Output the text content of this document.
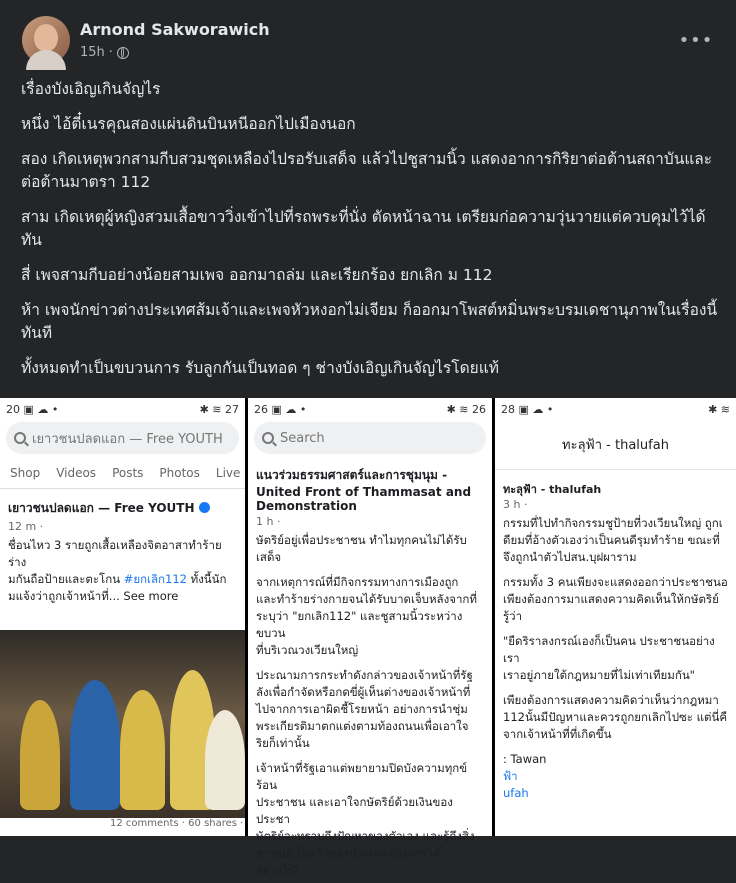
Arnond Sakworawich
15h ·
•••

เรื่องบังเอิญเกินจัญไร

หนึ่ง ไอ้ตี๋เนรคุณสองแผ่นดินบินหนีออกไปเมืองนอก

สอง เกิดเหตุพวกสามกีบสวมชุดเหลืองไปรอรับเสด็จ แล้วไปชูสามนิ้ว แสดงอาการกิริยาต่อต้านสถาบันและต่อต้านมาตรา 112

สาม เกิดเหตุผู้หญิงสวมเสื้อขาววิ่งเข้าไปที่รถพระที่นั่ง ตัดหน้าฉาน เตรียมก่อความวุ่นวายแต่ควบคุมไว้ได้ทัน

สี่ เพจสามกีบอย่างน้อยสามเพจ ออกมาถล่ม และเรียกร้อง ยกเลิก ม 112

ห้า เพจนักข่าวต่างประเทศส้มเจ้าและเพจหัวหงอกไม่เจียม ก็ออกมาโพสต์หมิ่นพระบรมเดชานุภาพในเรื่องนี้ทันที

ทั้งหมดทำเป็นขบวนการ รับลูกกันเป็นทอด ๆ ช่างบังเอิญเกินจัญไรโดยแท้

20 ▣ ☁ •	✱ ≋ 27
เยาวชนปลดแอก — Free YOUTH
Shop Videos Posts Photos Live
เยาวชนปลดแอก — Free YOUTH
12 m ·
ชื่อนไหว 3 รายถูกเสื้อเหลืองจิตอาสาทำร้ายร่าง
มกันถือป้ายและตะโกน #ยกเลิก112 ทั้งนี้นัก
มแจ้งว่าถูกเจ้าหน้าที่... See more
12 comments · 60 shares ·
26 ▣ ☁ •	✱ ≋ 26
Search
แนวร่วมธรรมศาสตร์และการชุมนุม - United Front of Thammasat and Demonstration
1 h ·
ษัตริย์อยู่เพื่อประชาชน ทำไมทุกคนไม่ได้รับเสด็จ
จากเหตุการณ์ที่มีกิจกรรมทางการเมืองถูก
และทำร้ายร่างกายจนได้รับบาดเจ็บหลังจากที่
ระบุว่า "ยกเลิก112" และชูสามนิ้วระหว่างขบวน
ที่บริเวณวงเวียนใหญ่
ประณามการกระทำดังกล่าวของเจ้าหน้าที่รัฐ
ลังเพื่อกำจัดหรือกดขี่ผู้เห็นต่างของเจ้าหน้าที่
ไปจากการเอาผิดชี้โรยหน้า อย่างการนำชุ่ม
พระเกียรติมาตกแต่งตามท้องถนนเพื่อเอาใจ
ริยก็เท่านั้น
เจ้าหน้าที่รัฐเอาแต่พยายามปิดบังความทุกข์ร้อน
ประชาชน และเอาใจกษัตริย์ด้วยเงินของประชา
ษัตริย์จะทราบถึงปัญหาของตัวเอง และรู้ถึงสิ่ง
ชาชนผู้เป็นเจ้าของประเทศต้องการได้อย่างไร?
28 ▣ ☁ •	✱ ≋
ทะลุฟ้า - thalufah
ทะลุฟ้า - thalufah
3 h ·
กรรมที่ไปทำกิจกรรมชูป้ายที่วงเวียนใหญ่ ถูกเ
ดียมที่อ้างตัวเองว่าเป็นคนดีรุมทำร้าย ขณะที่
จึงถูกนำตัวไปสน.บุฝผาราม
กรรมทั้ง 3 คนเพียงจะแสดงออกว่าประชาชนอ
เพียงต้องการมาแสดงความคิดเห็นให้กษัตริย์
รู้ว่า
"ยืดริราลงกรณ์เองก็เป็นคน ประชาชนอย่างเรา
เราอยู่ภายใต้กฎหมายที่ไม่เท่าเทียมกัน"
เพียงต้องการแสดงความคิดว่าเห็นว่ากฎหมา
112นั้นมีปัญหาและควรถูกยกเลิกไปซะ แต่นี่คื
จากเจ้าหน้าที่ที่เกิดขึ้น
: Tawan
ฟ้า
ufah
